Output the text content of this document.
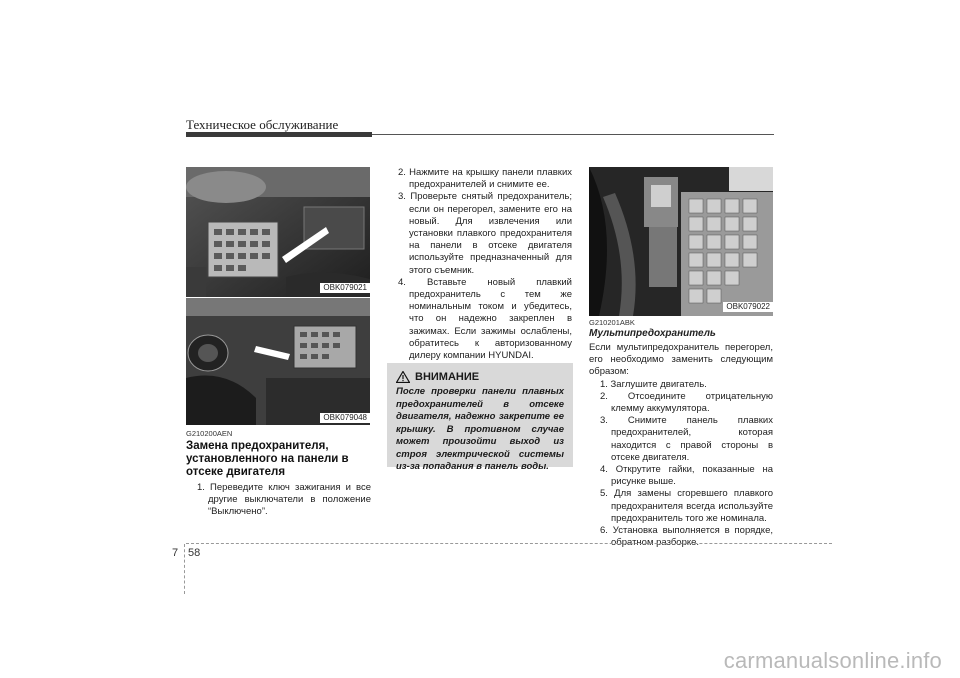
Техническое обслуживание
OBK079021
OBK079048
G210200AEN
Замена предохранителя, установленного на панели в отсеке двигателя
1. Переведите ключ зажигания и все другие выключатели в положение “Выключено”.
2. Нажмите на крышку панели плавких предохранителей и снимите ее.
3. Проверьте снятый предохранитель; если он перегорел, замените его на новый. Для извлечения или установки плавкого предохранителя на панели в отсеке двигателя используйте предназначенный для этого съемник.
4. Вставьте новый плавкий предохранитель с тем же номинальным током и убедитесь, что он надежно закреплен в зажимах. Если зажимы ослаблены, обратитесь к авторизованному дилеру компании HYUNDAI.
ВНИМАНИЕ
После проверки панели плавных предохранителей в отсеке двигателя, надежно закрепите ее крышку. В противном случае может произойти выход из строя электрической системы из-за попадания в панель воды.
OBK079022
G210201ABK
Мультипредохранитель
Если мультипредохранитель перегорел, его необходимо заменить следующим образом:
1. Заглушите двигатель.
2. Отсоедините отрицательную клемму аккумулятора.
3. Снимите панель плавких предохранителей, которая находится с правой стороны в отсеке двигателя.
4. Открутите гайки, показанные на рисунке выше.
5. Для замены сгоревшего плавкого предохранителя всегда используйте предохранитель того же номинала.
6. Установка выполняется в порядке, обратном разборке.
7 58
carmanualsonline.info
